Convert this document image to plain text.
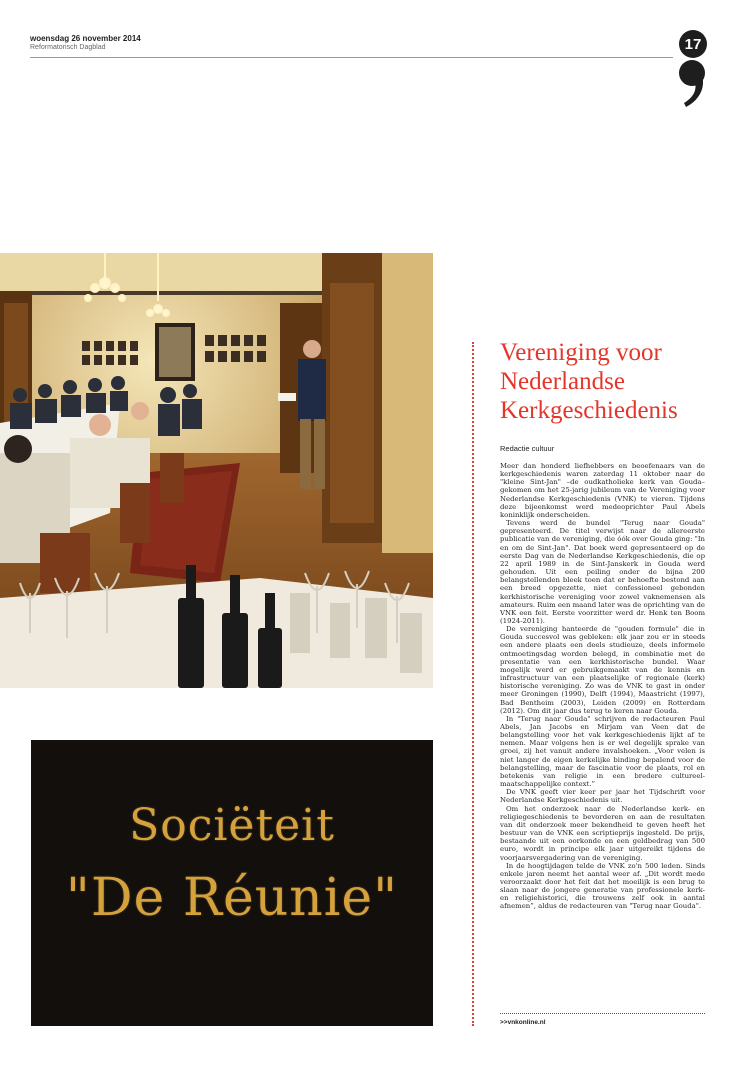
woensdag 26 november 2014
Reformatorisch Dagblad	17
Sociëteit
"De Réunie"
Vereniging voor Nederlandse Kerkgeschiedenis
Redactie cultuur

Meer dan honderd liefhebbers en beoefenaars van de kerkgeschiedenis waren zaterdag 11 oktober naar de "kleine Sint-Jan" –de oudkatholieke kerk van Gouda– gekomen om het 25-jarig jubileum van de Vereniging voor Nederlandse Kerkgeschiedenis (VNK) te vieren. Tijdens deze bijeenkomst werd medeoprichter Paul Abels koninklijk onderscheiden.

Tevens werd de bundel "Terug naar Gouda" gepresenteerd. De titel verwijst naar de allereerste publicatie van de vereniging, die óók over Gouda ging: "In en om de Sint-Jan". Dat boek werd gepresenteerd op de eerste Dag van de Nederlandse Kerkgeschiedenis, die op 22 april 1989 in de Sint-Janskerk in Gouda werd gehouden. Uit een peiling onder de bijna 200 belangstellenden bleek toen dat er behoefte bestond aan een breed opgezette, niet confessioneel gebonden kerkhistorische vereniging voor zowel vaknemensen als amateurs. Ruim een maand later was de oprichting van de VNK een feit. Eerste voorzitter werd dr. Henk ten Boom (1924-2011).

De vereniging hanteerde de "gouden formule" die in Gouda succesvol was gebleken: elk jaar zou er in steeds een andere plaats een deels studieuze, deels informele ontmoetingsdag worden belegd, in combinatie met de presentatie van een kerkhistorische bundel. Waar mogelijk werd er gebruikgemaakt van de kennis en infrastructuur van een plaatselijke of regionale (kerk) historische vereniging. Zo was de VNK te gast in onder meer Groningen (1990), Delft (1994), Maastricht (1997), Bad Bentheim (2003), Leiden (2009) en Rotterdam (2012). Om dit jaar dus terug te keren naar Gouda.

In "Terug naar Gouda" schrijven de redacteuren Paul Abels, Jan Jacobs en Mirjam van Veen dat de belangstelling voor het vak kerkgeschiedenis lijkt af te nemen. Maar volgens hen is er wel degelijk sprake van groei, zij het vanuit andere invalshoeken. „Voor velen is niet langer de eigen kerkelijke binding bepalend voor de belangstelling, maar de fascinatie voor de plaats, rol en betekenis van religie in een bredere cultureel-maatschappelijke context.”

De VNK geeft vier keer per jaar het Tijdschrift voor Nederlandse Kerkgeschiedenis uit.

Om het onderzoek naar de Nederlandse kerk- en religiegeschiedenis te bevorderen en aan de resultaten van dit onderzoek meer bekendheid te geven heeft het bestuur van de VNK een scriptieprijs ingesteld. De prijs, bestaande uit een oorkonde en een geldbedrag van 500 euro, wordt in principe elk jaar uitgereikt tijdens de voorjaarsvergadering van de vereniging.

In de hoogtijdagen telde de VNK zo'n 500 leden. Sinds enkele jaren neemt het aantal weer af. „Dit wordt mede veroorzaakt door het feit dat het moeilijk is een brug te slaan naar de jongere generatie van professionele kerk- en religiehistorici, die trouwens zelf ook in aantal afnemen”, aldus de redacteuren van "Terug naar Gouda".

>>vnkonline.nl
